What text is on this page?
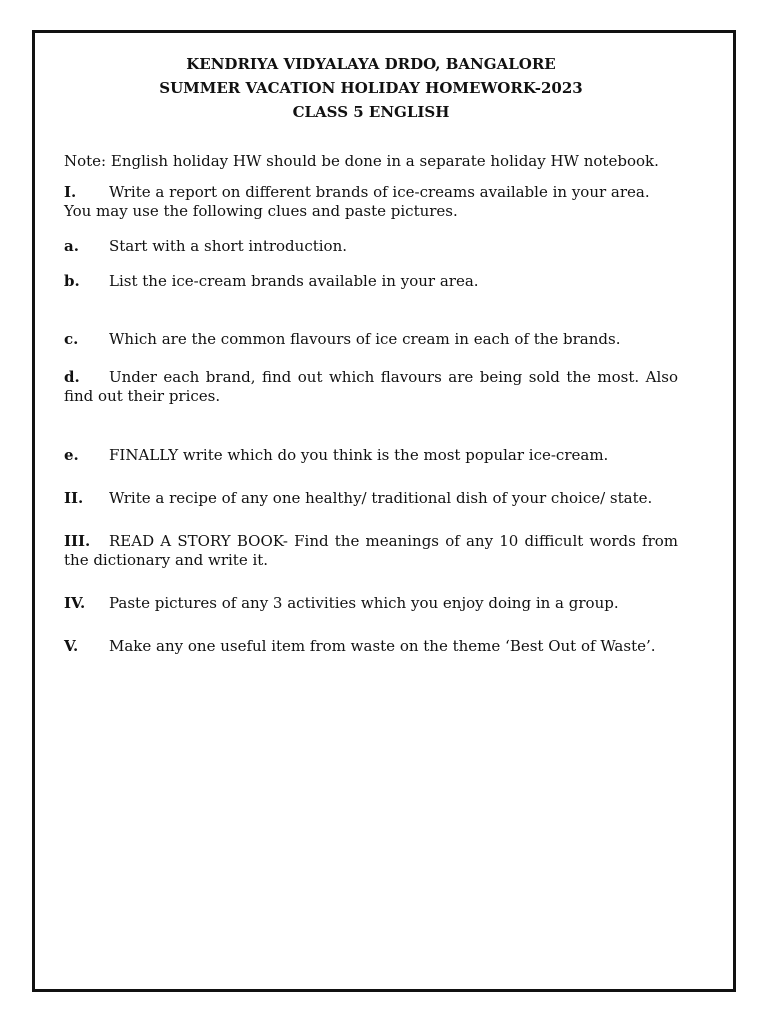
KENDRIYA VIDYALAYA DRDO, BANGALORE
SUMMER VACATION HOLIDAY HOMEWORK-2023
CLASS 5 ENGLISH

Note: English holiday HW should be done in a separate holiday HW notebook.

I. Write a report on different brands of ice-creams available in your area.

You may use the following clues and paste pictures.

a. Start with a short introduction.

b. List the ice-cream brands available in your area.

c. Which are the common flavours of ice cream in each of the brands.

d. Under each brand, find out which flavours are being sold the most. Also find out their prices.

e. FINALLY write which do you think is the most popular ice-cream.

II. Write a recipe of any one healthy/ traditional dish of your choice/ state.

III. READ A STORY BOOK- Find the meanings of any 10 difficult words from the dictionary and write it.

IV. Paste pictures of any 3 activities which you enjoy doing in a group.

V. Make any one useful item from waste on the theme ‘Best Out of Waste’.
